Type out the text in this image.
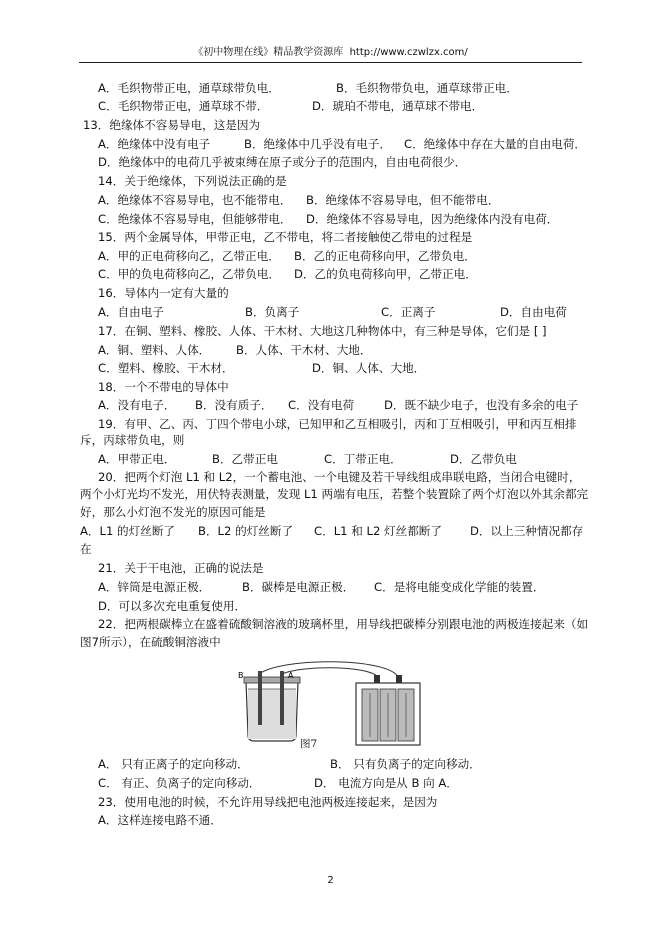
《初中物理在线》精品教学资源库 http://www.czwlzx.com/
A．毛织物带正电，通草球带负电．	B．毛织物带负电，通草球带正电．
C．毛织物带正电，通草球不带．	D．琥珀不带电，通草球不带电．
13．绝缘体不容易导电，这是因为
A．绝缘体中没有电子	B．绝缘体中几乎没有电子． C．绝缘体中存在大量的自由电荷．
D．绝缘体中的电荷几乎被束缚在原子或分子的范围内，自由电荷很少．
14．关于绝缘体，下列说法正确的是
A．绝缘体不容易导电，也不能带电． B．绝缘体不容易导电，但不能带电．
C．绝缘体不容易导电，但能够带电． D．绝缘体不容易导电，因为绝缘体内没有电荷．
15．两个金属导体，甲带正电，乙不带电，将二者接触使乙带电的过程是
A．甲的正电荷移向乙，乙带正电． B．乙的正电荷移向甲，乙带负电．
C．甲的负电荷移向乙，乙带负电． D．乙的负电荷移向甲，乙带正电．
16．导体内一定有大量的
A．自由电子	B．负离子	C．正离子	D．自由电荷
17．在铜、塑料、橡胶、人体、干木材、大地这几种物体中，有三种是导体，它们是 [ ]
A．铜、塑料、人体． B．人体、干木材、大地．
C．塑料、橡胶、干木材．	D．铜、人体、大地．
18．一个不带电的导体中
A．没有电子． B．没有质子． C．没有电荷	D．既不缺少电子，也没有多余的电子
19．有甲、乙、丙、丁四个带电小球，已知甲和乙互相吸引，丙和丁互相吸引，甲和丙互相排
斥，丙球带负电，则
A．甲带正电．	B．乙带正电	C．丁带正电．	D．乙带负电
20．把两个灯泡 L1 和 L2，一个蓄电池、一个电键及若干导线组成串联电路，当闭合电键时，
两个小灯光均不发光，用伏特表测量，发现 L1 两端有电压，若整个装置除了两个灯泡以外其余都完
好，那么小灯泡不发光的原因可能是
A．L1 的灯丝断了 B．L2 的灯丝断了 C．L1 和 L2 灯丝都断了 D．以上三种情况都存
在
21．关于干电池，正确的说法是
A．锌筒是电源正极．	B．碳棒是电源正极． C．是将电能变成化学能的装置．
D．可以多次充电重复使用．
22．把两根碳棒立在盛着硫酸铜溶液的玻璃杯里，用导线把碳棒分别跟电池的两极连接起来（如
图7所示），在硫酸铜溶液中
B	A
图7
A． 只有正离子的定向移动．	B． 只有负离子的定向移动．
C． 有正、负离子的定向移动．	D． 电流方向是从 B 向 A．
23．使用电池的时候，不允许用导线把电池两极连接起来，是因为
A．这样连接电路不通．
2
